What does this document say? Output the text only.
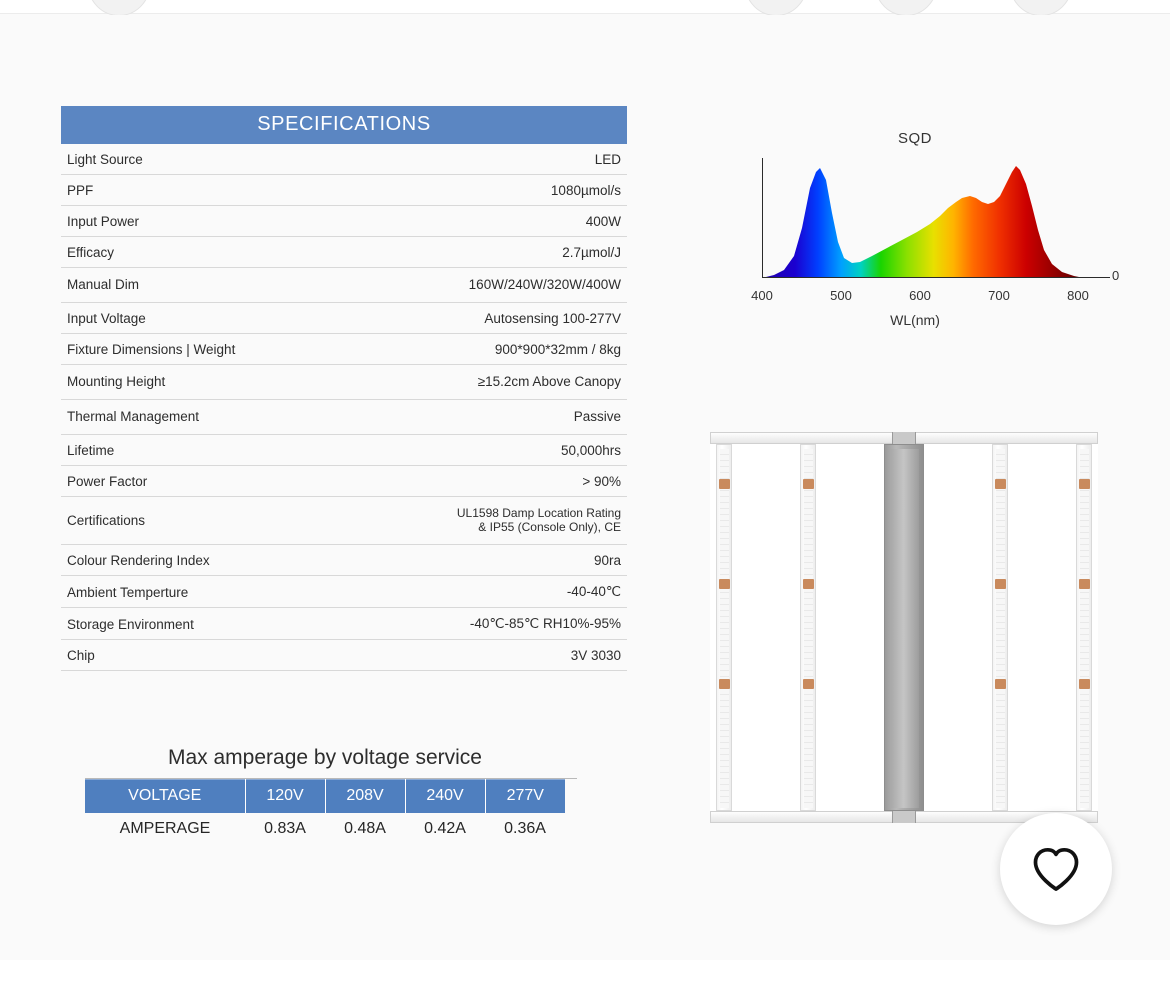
SPECIFICATIONS
Light Source	LED
PPF	1080µmol/s
Input Power	400W
Efficacy	2.7µmol/J
Manual Dim	160W/240W/320W/400W
Input Voltage	Autosensing 100-277V
Fixture Dimensions | Weight	900*900*32mm / 8kg
Mounting Height	≥15.2cm Above Canopy
Thermal Management	Passive
Lifetime	50,000hrs
Power Factor	> 90%
Certifications	UL1598 Damp Location Rating
& IP55 (Console Only), CE

Colour Rendering Index	90ra
Ambient Temperture	-40-40℃
Storage Environment	-40℃-85℃ RH10%-95%
Chip	3V 3030
Max amperage by voltage service
VOLTAGE	120V	208V	240V	277V
AMPERAGE	0.83A	0.48A	0.42A	0.36A
SQD
0
400	500	600	700	800
WL(nm)
